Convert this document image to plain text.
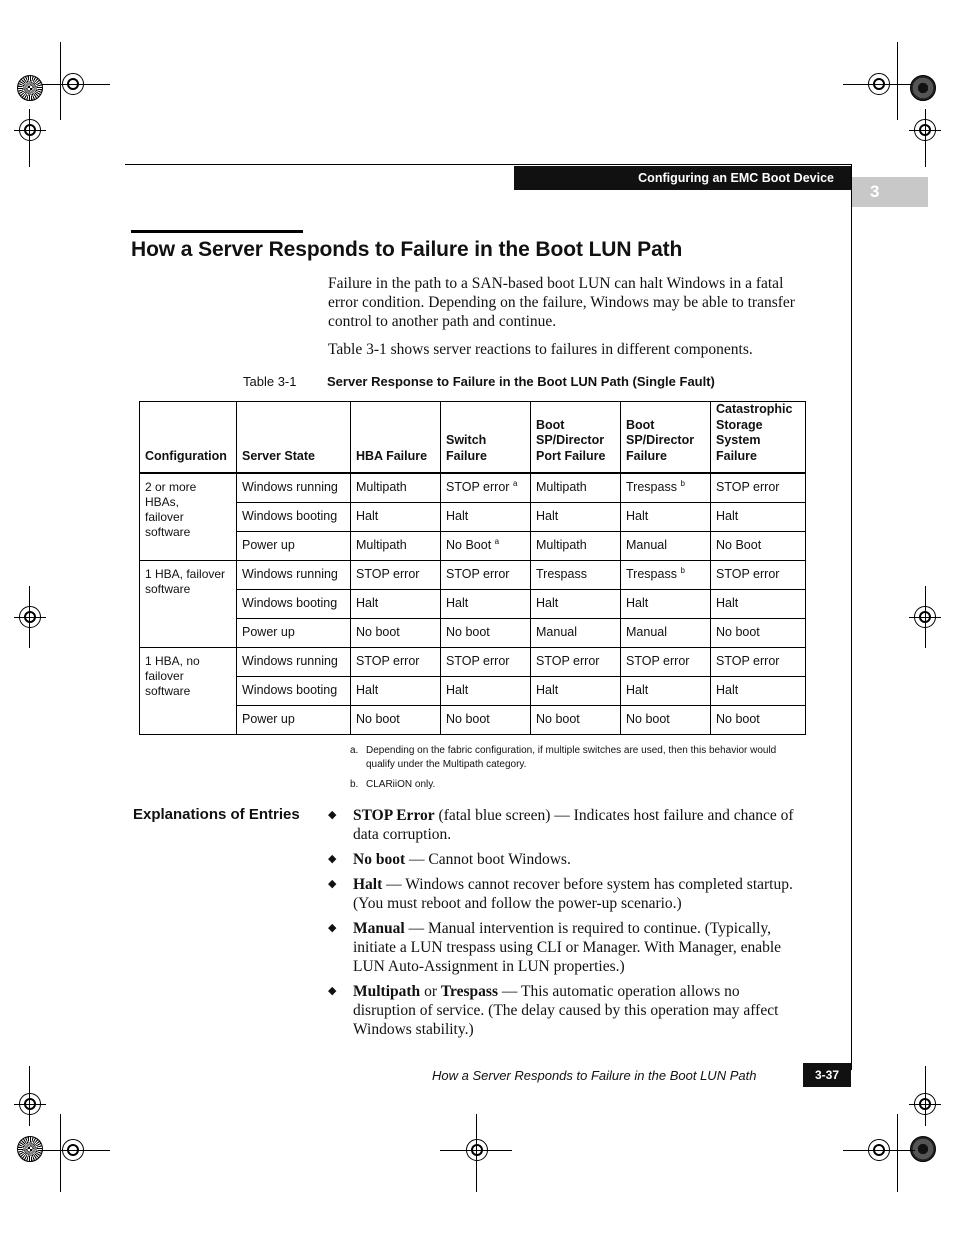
Configuring an EMC Boot Device
3
How a Server Responds to Failure in the Boot LUN Path
Failure in the path to a SAN-based boot LUN can halt Windows in a fatal error condition. Depending on the failure, Windows may be able to transfer control to another path and continue.
Table 3-1 shows server reactions to failures in different components.
Table 3-1 Server Response to Failure in the Boot LUN Path (Single Fault)
Configuration	Server State	HBA Failure	Switch Failure	Boot
SP/Director
Port Failure	Boot
SP/Director
Failure	Catastrophic
Storage
System Failure
2 or more HBAs,
failover software	Windows running	Multipath	STOP error $^a$	Multipath	Trespass $^b$	STOP error
	Windows booting	Halt	Halt	Halt	Halt	Halt
	Power up	Multipath	No Boot $^a$	Multipath	Manual	No Boot
1 HBA, failover
software	Windows running	STOP error	STOP error	Trespass	Trespass $^b$	STOP error
	Windows booting	Halt	Halt	Halt	Halt	Halt
	Power up	No boot	No boot	Manual	Manual	No boot
1 HBA, no
failover software	Windows running	STOP error	STOP error	STOP error	STOP error	STOP error
	Windows booting	Halt	Halt	Halt	Halt	Halt
	Power up	No boot	No boot	No boot	No boot	No boot
a. Depending on the fabric configuration, if multiple switches are used, then this behavior would qualify under the Multipath category.
b. CLARiiON only.
Explanations of Entries	◆ STOP Error (fatal blue screen) — Indicates host failure and chance of data corruption.
◆ No boot — Cannot boot Windows.
◆ Halt — Windows cannot recover before system has completed startup. (You must reboot and follow the power-up scenario.)
◆ Manual — Manual intervention is required to continue. (Typically, initiate a LUN trespass using CLI or Manager. With Manager, enable LUN Auto-Assignment in LUN properties.)
◆ Multipath or Trespass — This automatic operation allows no disruption of service. (The delay caused by this operation may affect Windows stability.)
How a Server Responds to Failure in the Boot LUN Path	3-37
